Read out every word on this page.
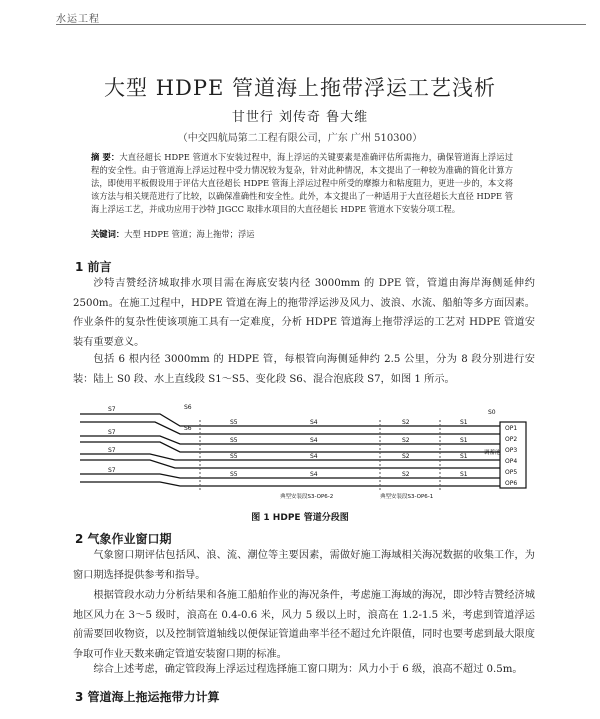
水运工程
大型 HDPE 管道海上拖带浮运工艺浅析
甘世行 刘传奇 鲁大维
（中交四航局第二工程有限公司，广东 广州 510300）
摘 要：大直径超长 HDPE 管道水下安装过程中，海上浮运的关键要素是准确评估所需拖力，确保管道海上浮运过程的安全性。由于管道海上浮运过程中受力情况较为复杂，针对此种情况，本文提出了一种较为准确的简化计算方法，即使用平板假设用于评估大直径超长 HDPE 管海上浮运过程中所受的摩擦力和粘度阻力，更进一步的，本文将该方法与相关规范进行了比较，以确保准确性和安全性。此外，本文提出了一种适用于大直径超长大直径 HDPE 管海上浮运工艺，并成功应用于沙特 JIGCC 取排水项目的大直径超长 HDPE 管道水下安装分项工程。
关键词：大型 HDPE 管道；海上拖带；浮运
1 前言
沙特吉赞经济城取排水项目需在海底安装内径 3000mm 的 DPE 管，管道由海岸海侧延伸约 2500m。在施工过程中，HDPE 管道在海上的拖带浮运涉及风力、波浪、水流、船舶等多方面因素。作业条件的复杂性使该项施工具有一定难度，分析 HDPE 管道海上拖带浮运的工艺对 HDPE 管道安装有重要意义。
包括 6 根内径 3000mm 的 HDPE 管，每根管向海侧延伸约 2.5 公里，分为 8 段分别进行安装：陆上 S0 段、水上直线段 S1～S5、变化段 S6、混合泡底段 S7，如图 1 所示。
S7
S7
S7
S7
S6
S6
S5
S5
S5
S5
S4
S4
S4
S4
S2
S2
S2
S2
S1
S1
S1
S1
S0
OP1
OP2
OP3
OP4
OP5
OP6
调蓄池
典型安装段S3-OP6-2	典型安装段S3-OP6-1
图 1 HDPE 管道分段图
2 气象作业窗口期
气象窗口期评估包括风、浪、流、潮位等主要因素，需做好施工海域相关海况数据的收集工作，为窗口期选择提供参考和指导。
根据管段水动力分析结果和各施工船舶作业的海况条件，考虑施工海域的海况，即沙特吉赞经济城地区风力在 3～5 级时，浪高在 0.4-0.6 米，风力 5 级以上时，浪高在 1.2-1.5 米，考虑到管道浮运前需要回收物资，以及控制管道轴线以便保证管道曲率半径不超过允许限值，同时也要考虑到最大限度争取可作业天数来确定管道安装窗口期的标准。
综合上述考虑，确定管段海上浮运过程选择施工窗口期为：风力小于 6 级，浪高不超过 0.5m。
3 管道海上拖运拖带力计算
